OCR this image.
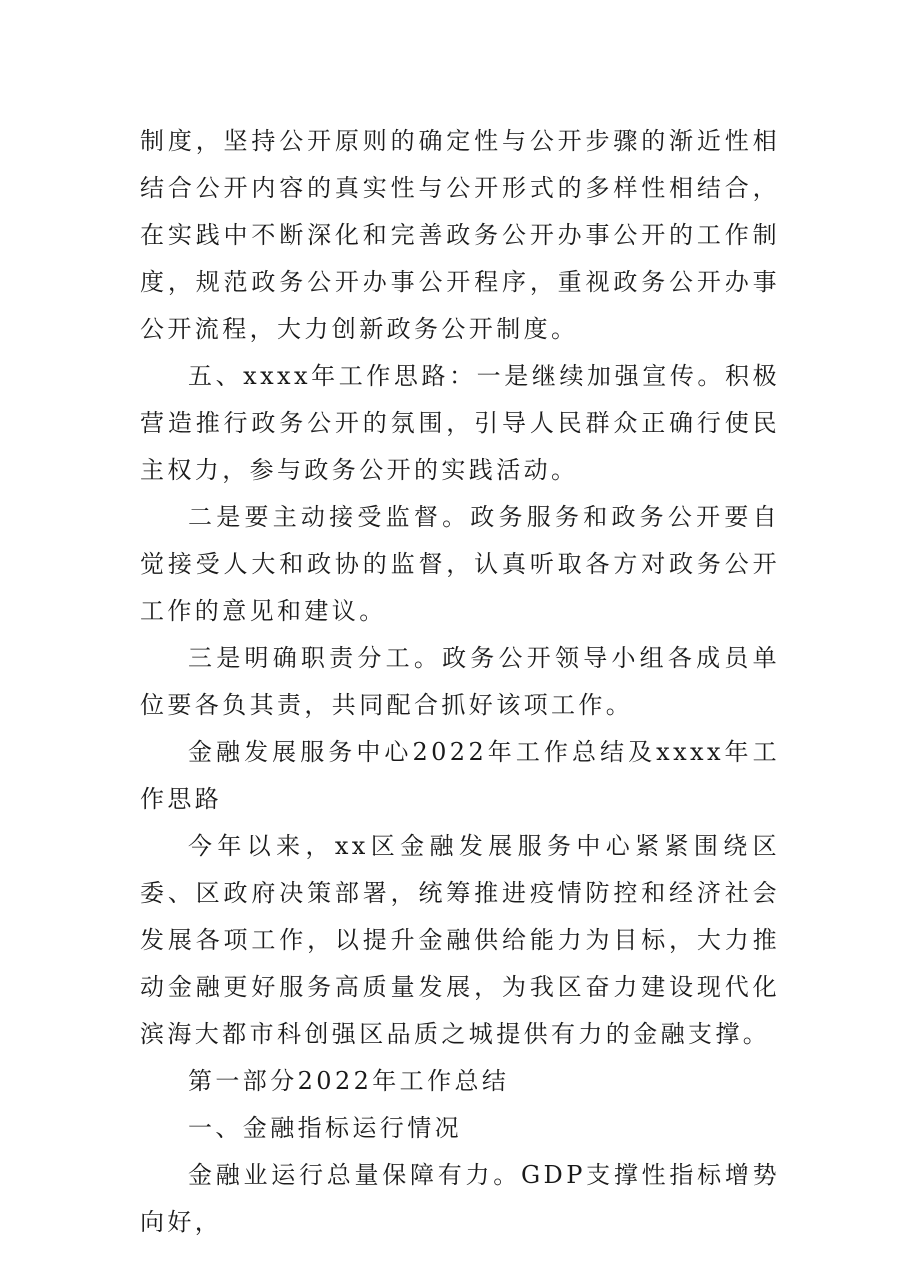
制度，坚持公开原则的确定性与公开步骤的渐近性相结合公开内容的真实性与公开形式的多样性相结合，在实践中不断深化和完善政务公开办事公开的工作制度，规范政务公开办事公开程序，重视政务公开办事公开流程，大力创新政务公开制度。

五、xxxx年工作思路：一是继续加强宣传。积极营造推行政务公开的氛围，引导人民群众正确行使民主权力，参与政务公开的实践活动。

二是要主动接受监督。政务服务和政务公开要自觉接受人大和政协的监督，认真听取各方对政务公开工作的意见和建议。

三是明确职责分工。政务公开领导小组各成员单位要各负其责，共同配合抓好该项工作。

金融发展服务中心2022年工作总结及xxxx年工作思路

今年以来，xx区金融发展服务中心紧紧围绕区委、区政府决策部署，统筹推进疫情防控和经济社会发展各项工作，以提升金融供给能力为目标，大力推动金融更好服务高质量发展，为我区奋力建设现代化滨海大都市科创强区品质之城提供有力的金融支撑。

第一部分2022年工作总结

一、金融指标运行情况

金融业运行总量保障有力。GDP支撑性指标增势向好，
